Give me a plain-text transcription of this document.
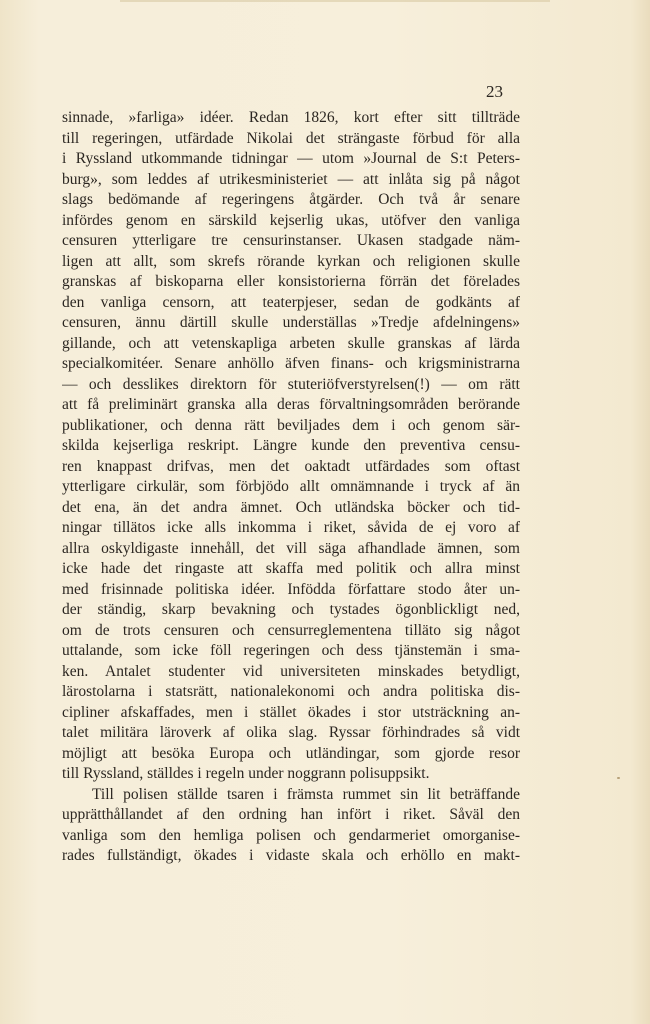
23
sinnade, »farliga» idéer. Redan 1826, kort efter sitt tillträde
till regeringen, utfärdade Nikolai det strängaste förbud för alla
i Ryssland utkommande tidningar — utom »Journal de S:t Peters-
burg», som leddes af utrikesministeriet — att inlåta sig på något
slags bedömande af regeringens åtgärder. Och två år senare
infördes genom en särskild kejserlig ukas, utöfver den vanliga
censuren ytterligare tre censurinstanser. Ukasen stadgade näm-
ligen att allt, som skrefs rörande kyrkan och religionen skulle
granskas af biskoparna eller konsistorierna förrän det förelades
den vanliga censorn, att teaterpjeser, sedan de godkänts af
censuren, ännu därtill skulle underställas »Tredje afdelningens»
gillande, och att vetenskapliga arbeten skulle granskas af lärda
specialkomitéer. Senare anhöllo äfven finans- och krigsministrarna
— och desslikes direktorn för stuteriöfverstyrelsen(!) — om rätt
att få preliminärt granska alla deras förvaltningsområden berörande
publikationer, och denna rätt beviljades dem i och genom sär-
skilda kejserliga reskript. Längre kunde den preventiva censu-
ren knappast drifvas, men det oaktadt utfärdades som oftast
ytterligare cirkulär, som förbjödo allt omnämnande i tryck af än
det ena, än det andra ämnet. Och utländska böcker och tid-
ningar tillätos icke alls inkomma i riket, såvida de ej voro af
allra oskyldigaste innehåll, det vill säga afhandlade ämnen, som
icke hade det ringaste att skaffa med politik och allra minst
med frisinnade politiska idéer. Infödda författare stodo åter un-
der ständig, skarp bevakning och tystades ögonblickligt ned,
om de trots censuren och censurreglementena tilläto sig något
uttalande, som icke föll regeringen och dess tjänstemän i sma-
ken. Antalet studenter vid universiteten minskades betydligt,
lärostolarna i statsrätt, nationalekonomi och andra politiska dis-
cipliner afskaffades, men i stället ökades i stor utsträckning an-
talet militära läroverk af olika slag. Ryssar förhindrades så vidt
möjligt att besöka Europa och utländingar, som gjorde resor
till Ryssland, ställdes i regeln under noggrann polisuppsikt.
Till polisen ställde tsaren i främsta rummet sin lit beträffande
upprätthållandet af den ordning han infört i riket. Såväl den
vanliga som den hemliga polisen och gendarmeriet omorganise-
rades fullständigt, ökades i vidaste skala och erhöllo en makt-
